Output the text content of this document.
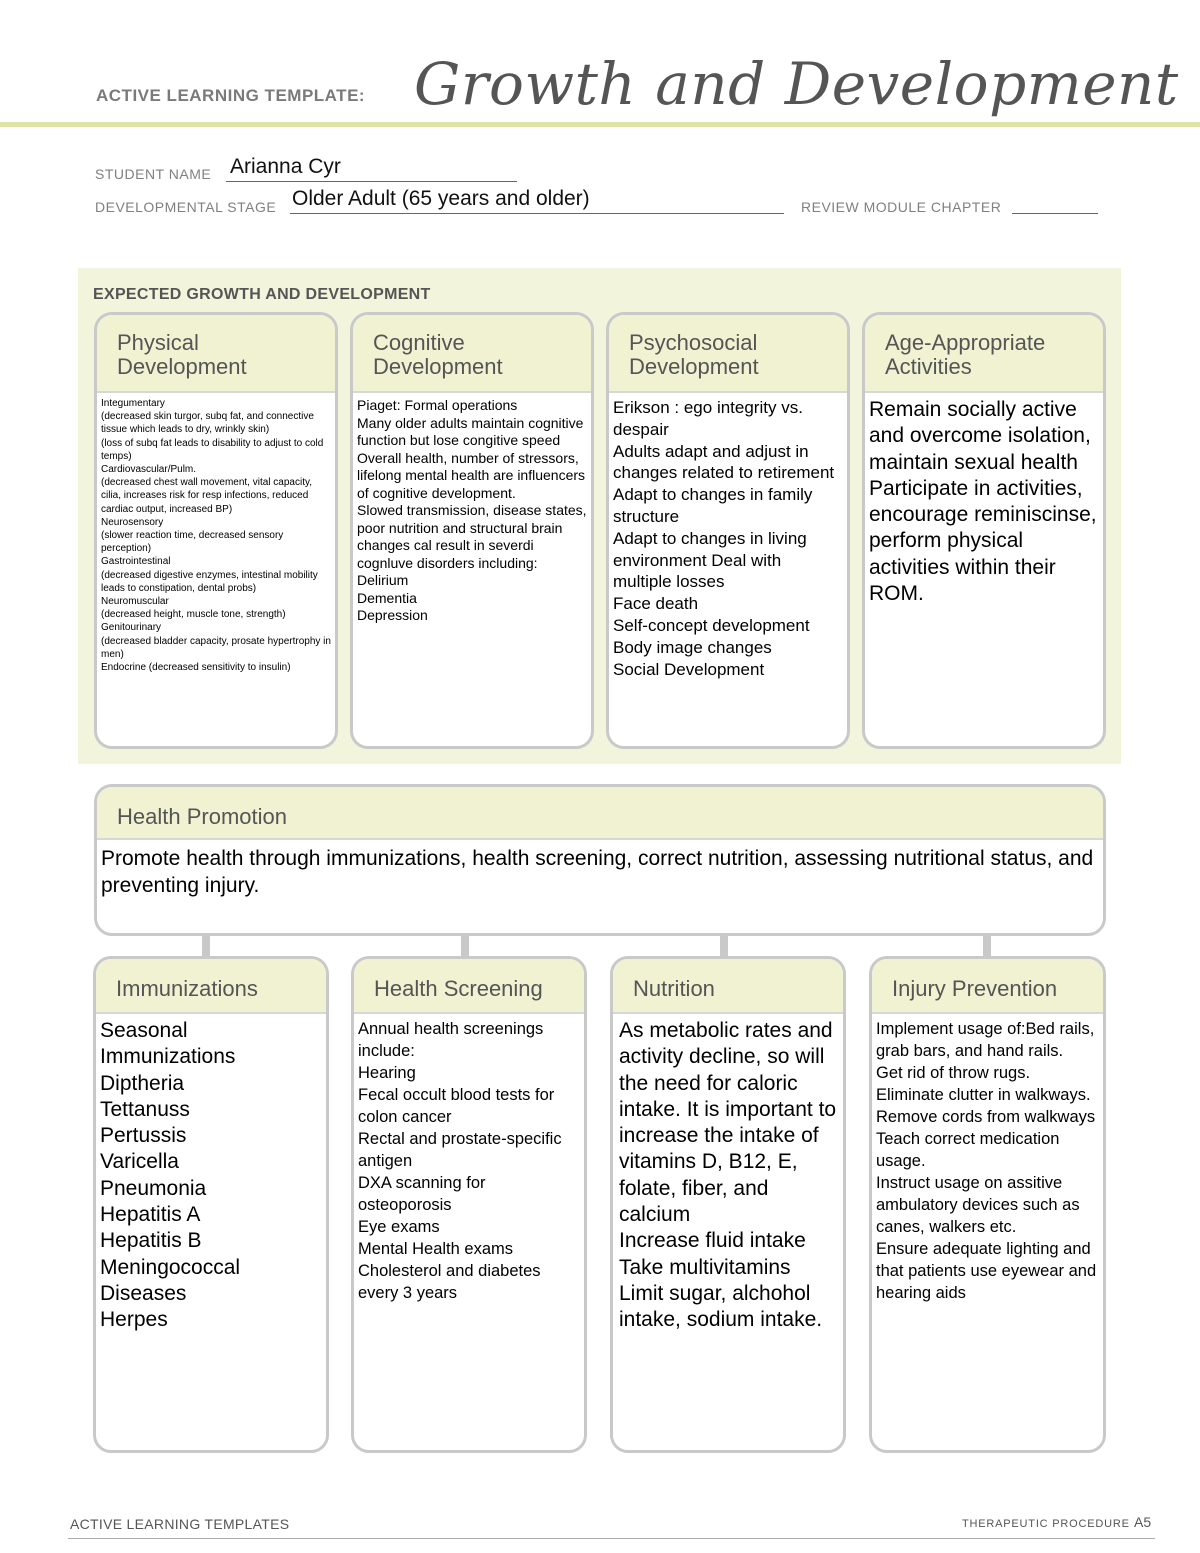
ACTIVE LEARNING TEMPLATE: Growth and Development
STUDENT NAME Arianna Cyr
DEVELOPMENTAL STAGE Older Adult (65 years and older)	REVIEW MODULE CHAPTER
EXPECTED GROWTH AND DEVELOPMENT
Physical
Development
Integumentary
(decreased skin turgor, subq fat, and connective tissue which leads to dry, wrinkly skin)
(loss of subq fat leads to disability to adjust to cold temps)
Cardiovascular/Pulm.
(decreased chest wall movement, vital capacity, cilia, increases risk for resp infections, reduced cardiac output, increased BP)
Neurosensory
(slower reaction time, decreased sensory perception)
Gastrointestinal
(decreased digestive enzymes, intestinal mobility leads to constipation, dental probs)
Neuromuscular
(decreased height, muscle tone, strength)
Genitourinary
(decreased bladder capacity, prosate hypertrophy in men)
Endocrine (decreased sensitivity to insulin)
Cognitive
Development
Piaget: Formal operations
Many older adults maintain cognitive function but lose congitive speed
Overall health, number of stressors, lifelong mental health are influencers of cognitive development.
Slowed transmission, disease states, poor nutrition and structural brain changes cal result in severdi cognluve disorders including:
Delirium
Dementia
Depression
Psychosocial
Development
Erikson : ego integrity vs. despair
Adults adapt and adjust in changes related to retirement
Adapt to changes in family structure
Adapt to changes in living environment Deal with multiple losses
Face death
Self-concept development
Body image changes
Social Development
Age-Appropriate
Activities
Remain socially active and overcome isolation, maintain sexual health
Participate in activities, encourage reminiscinse, perform physical activities within their ROM.
Health Promotion
Promote health through immunizations, health screening, correct nutrition, assessing nutritional status, and preventing injury.
Immunizations
Seasonal
Immunizations
Diptheria
Tettanuss
Pertussis
Varicella
Pneumonia
Hepatitis A
Hepatitis B
Meningococcal
Diseases
Herpes
Health Screening
Annual health screenings include:
Hearing
Fecal occult blood tests for colon cancer
Rectal and prostate-specific antigen
DXA scanning for osteoporosis
Eye exams
Mental Health exams
Cholesterol and diabetes every 3 years
Nutrition
As metabolic rates and activity decline, so will the need for caloric intake. It is important to increase the intake of vitamins D, B12, E, folate, fiber, and calcium
Increase fluid intake
Take multivitamins
Limit sugar, alchohol intake, sodium intake.
Injury Prevention
Implement usage of:Bed rails, grab bars, and hand rails.
Get rid of throw rugs.
Eliminate clutter in walkways. Remove cords from walkways
Teach correct medication usage.
Instruct usage on assitive ambulatory devices such as canes, walkers etc.
Ensure adequate lighting and that patients use eyewear and hearing aids
ACTIVE LEARNING TEMPLATES	THERAPEUTIC PROCEDURE A5
